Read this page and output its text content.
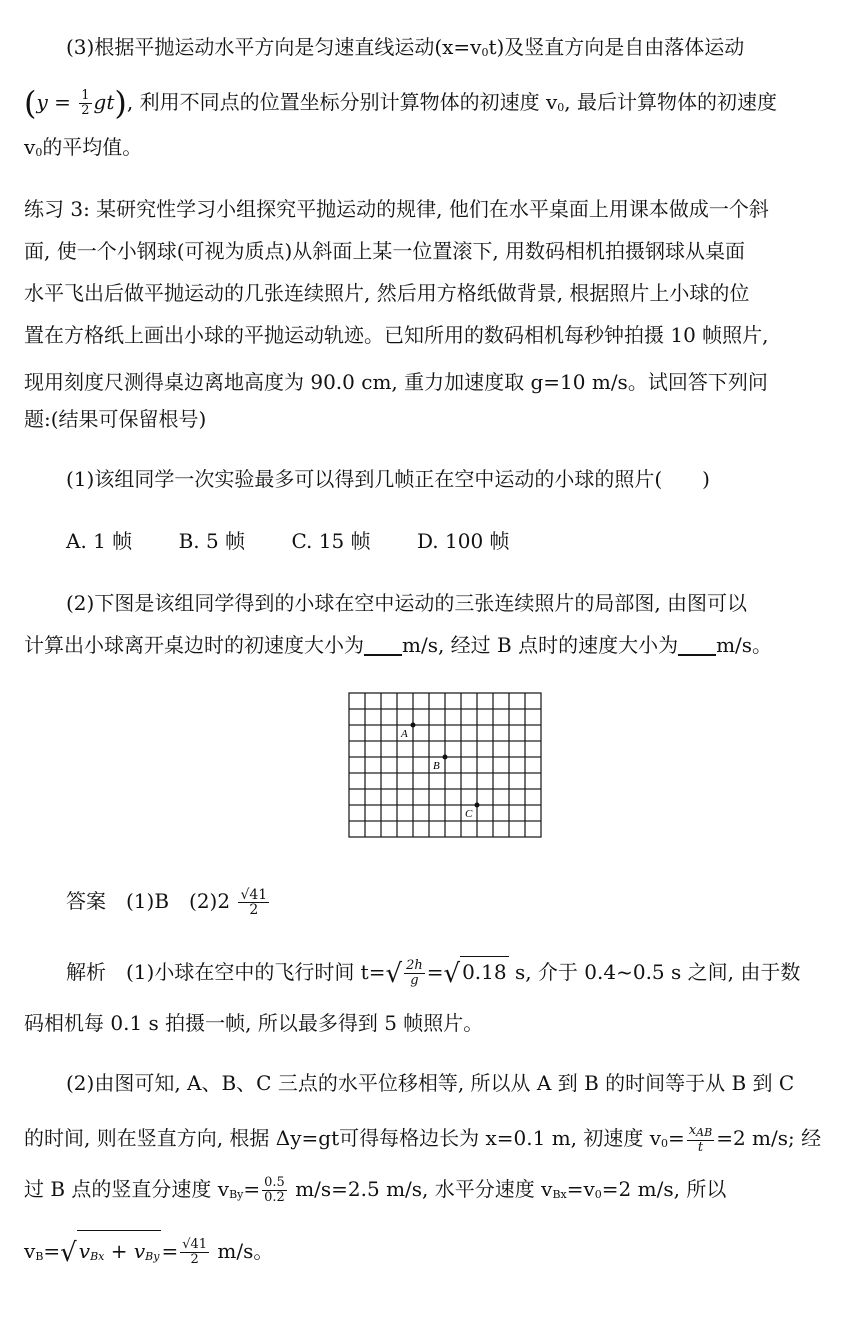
(3)根据平抛运动水平方向是匀速直线运动$(x=v_0t)$及竖直方向是自由落体运动
$(y = \frac{1}{2} gt)$, 利用不同点的位置坐标分别计算物体的初速度 $v_0$, 最后计算物体的初速度
$v_0$的平均值。
练习 3: 某研究性学习小组探究平抛运动的规律, 他们在水平桌面上用课本做成一个斜
面, 使一个小钢球(可视为质点)从斜面上某一位置滚下, 用数码相机拍摄钢球从桌面
水平飞出后做平抛运动的几张连续照片, 然后用方格纸做背景, 根据照片上小球的位
置在方格纸上画出小球的平抛运动轨迹。已知所用的数码相机每秒钟拍摄 10 帧照片,
现用刻度尺测得桌边离地高度为 90.0 cm, 重力加速度取 g=10 m/s。试回答下列问
题:(结果可保留根号)
(1)该组同学一次实验最多可以得到几帧正在空中运动的小球的照片(　　)
A. 1 帧 B. 5 帧 C. 15 帧 D. 100 帧
(2)下图是该组同学得到的小球在空中运动的三张连续照片的局部图, 由图可以
计算出小球离开桌边时的初速度大小为 m/s, 经过 B 点时的速度大小为 m/s。
A
B
C
答案　 (1)B　 $(2)2 \frac{√41}{2}$
解析　 (1)小球在空中的飞行时间 $t=√ \frac{2h}{g}$ =√ 0.18 s, 介于 0.4~0.5 s 之间, 由于数
码相机每 0.1 s 拍摄一帧, 所以最多得到 5 帧照片。
(2)由图可知, A、B、C 三点的水平位移相等, 所以从 A 到 B 的时间等于从 B 到 C
的时间, 则在竖直方向, 根据 Δy=gt可得每格边长为 x=0.1 m, 初速度 $v_0= \frac{x_{AB}}{t} =2$ m/s; 经
过 B 点的竖直分速度 $v_{By}= \frac{0.5}{0.2} m/s=2.5$ m/s, 水平分速度 $v_{Bx}=v_0=2$ m/s, 所以
$v_B=√$ $v_{Bx} + v_{By} = \frac{√41}{2} m/s$。
